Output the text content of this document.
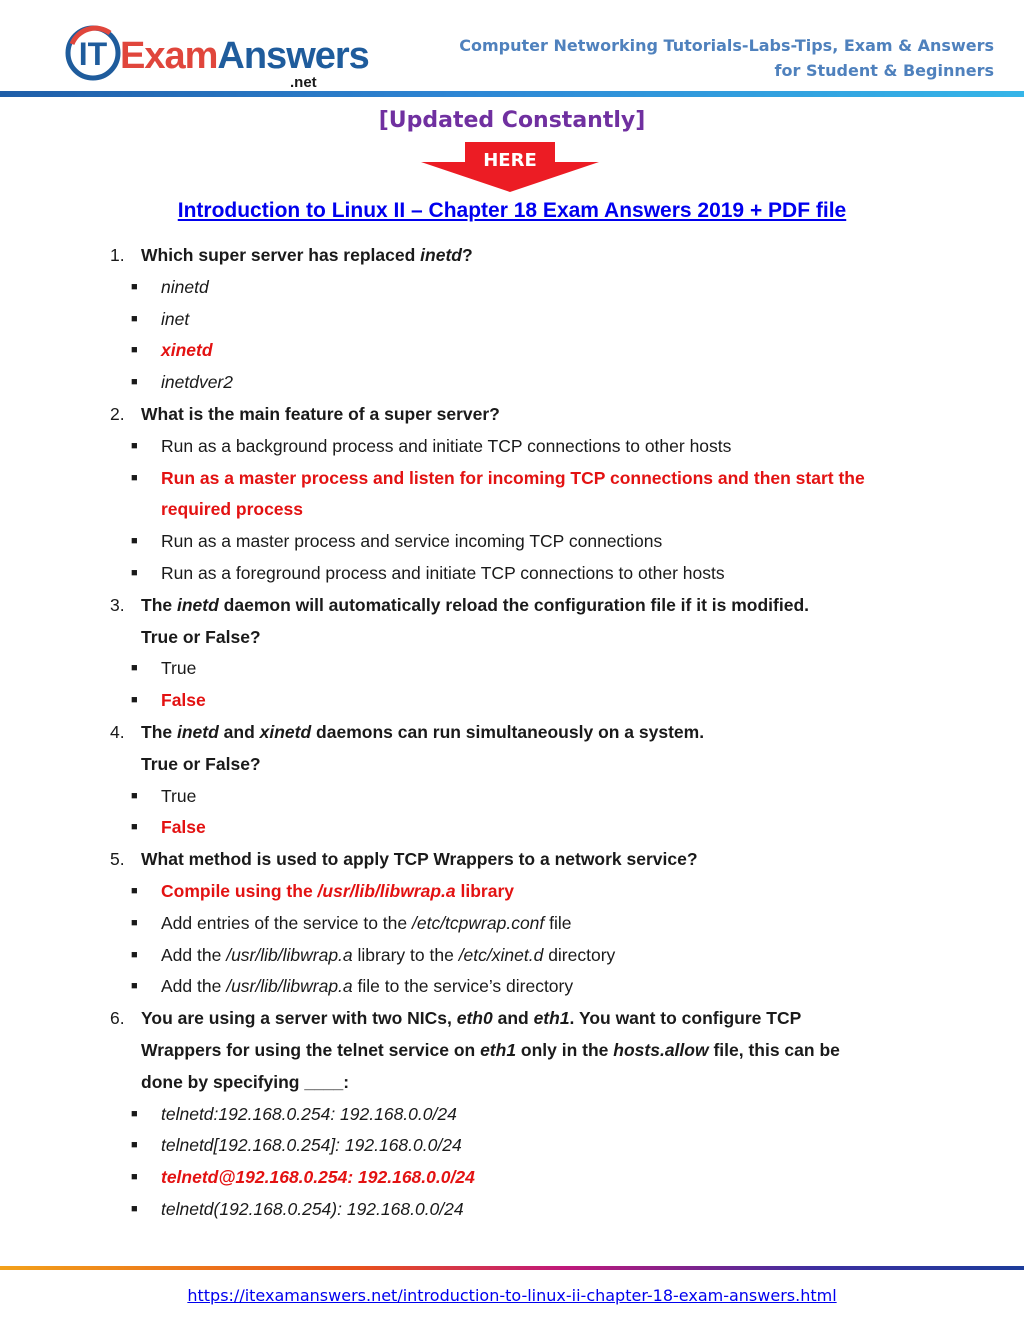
IT ExamAnswers
.net
Computer Networking Tutorials-Labs-Tips, Exam & Answers
for Student & Beginners
[Updated Constantly]
HERE
Introduction to Linux II – Chapter 18 Exam Answers 2019 + PDF file
1. Which super server has replaced inetd?
■ ninetd
■ inet
■ xinetd
■ inetdver2
2. What is the main feature of a super server?
■ Run as a background process and initiate TCP connections to other hosts
■ Run as a master process and listen for incoming TCP connections and then start the required process
■ Run as a master process and service incoming TCP connections
■ Run as a foreground process and initiate TCP connections to other hosts
3. The inetd daemon will automatically reload the configuration file if it is modified.
True or False?
■ True
■ False
4. The inetd and xinetd daemons can run simultaneously on a system.
True or False?
■ True
■ False
5. What method is used to apply TCP Wrappers to a network service?
■ Compile using the /usr/lib/libwrap.a library
■ Add entries of the service to the /etc/tcpwrap.conf file
■ Add the /usr/lib/libwrap.a library to the /etc/xinet.d directory
■ Add the /usr/lib/libwrap.a file to the service’s directory
6. You are using a server with two NICs, eth0 and eth1. You want to configure TCP
Wrappers for using the telnet service on eth1 only in the hosts.allow file, this can be
done by specifying ____:
■ telnetd:192.168.0.254: 192.168.0.0/24
■ telnetd[192.168.0.254]: 192.168.0.0/24
■ telnetd@192.168.0.254: 192.168.0.0/24
■ telnetd(192.168.0.254): 192.168.0.0/24
https://itexamanswers.net/introduction-to-linux-ii-chapter-18-exam-answers.html
